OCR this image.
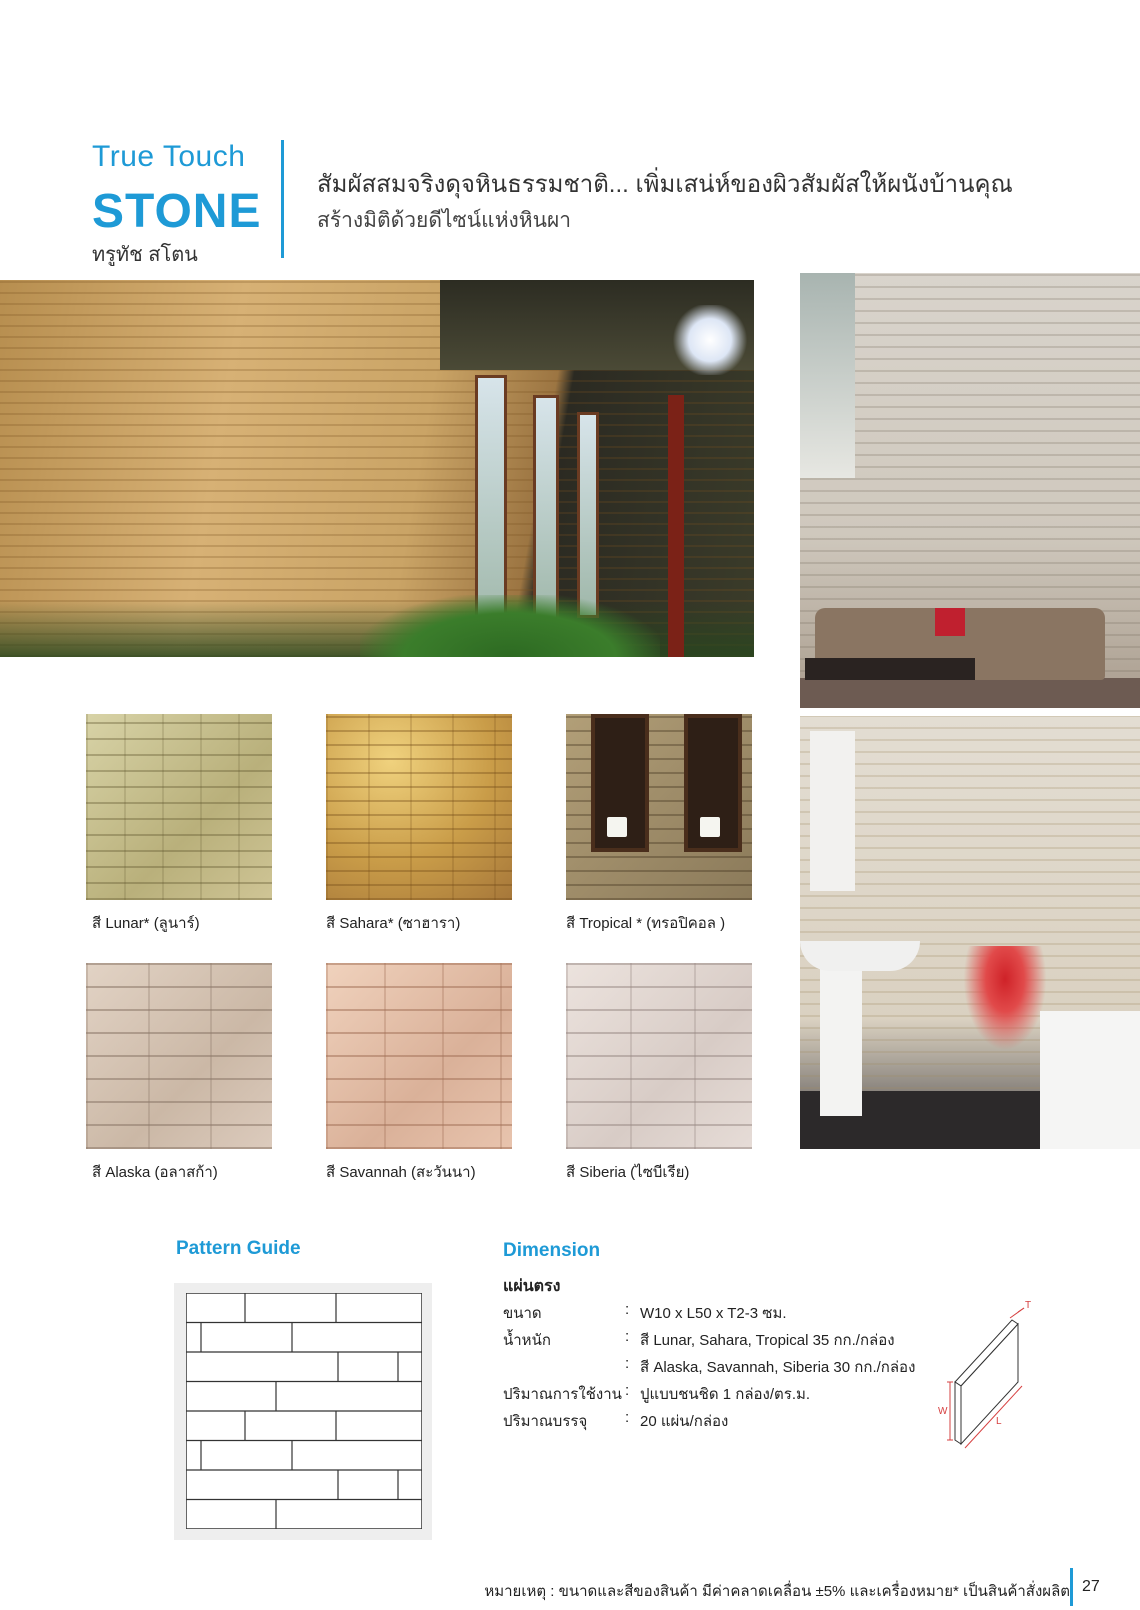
True Touch
STONE
ทรูทัช สโตน
สัมผัสสมจริงดุจหินธรรมชาติ... เพิ่มเสน่ห์ของผิวสัมผัสให้ผนังบ้านคุณ
สร้างมิติด้วยดีไซน์แห่งหินผา
สี Lunar* (ลูนาร์)	สี Sahara* (ซาฮารา)	สี Tropical * (ทรอปิคอล )
สี Alaska (อลาสก้า)	สี Savannah (สะวันนา)	สี Siberia (ไซบีเรีย)
Pattern Guide	Dimension
แผ่นตรง
ขนาด	: W10 x L50 x T2-3 ซม.
น้ำหนัก	: สี Lunar, Sahara, Tropical 35 กก./กล่อง
: สี Alaska, Savannah, Siberia 30 กก./กล่อง
ปริมาณการใช้งาน : ปูแบบชนชิด 1 กล่อง/ตร.ม.
ปริมาณบรรจุ	: 20 แผ่น/กล่อง
T
W
L
หมายเหตุ : ขนาดและสีของสินค้า มีค่าคลาดเคลื่อน ±5% และเครื่องหมาย* เป็นสินค้าสั่งผลิต 27
